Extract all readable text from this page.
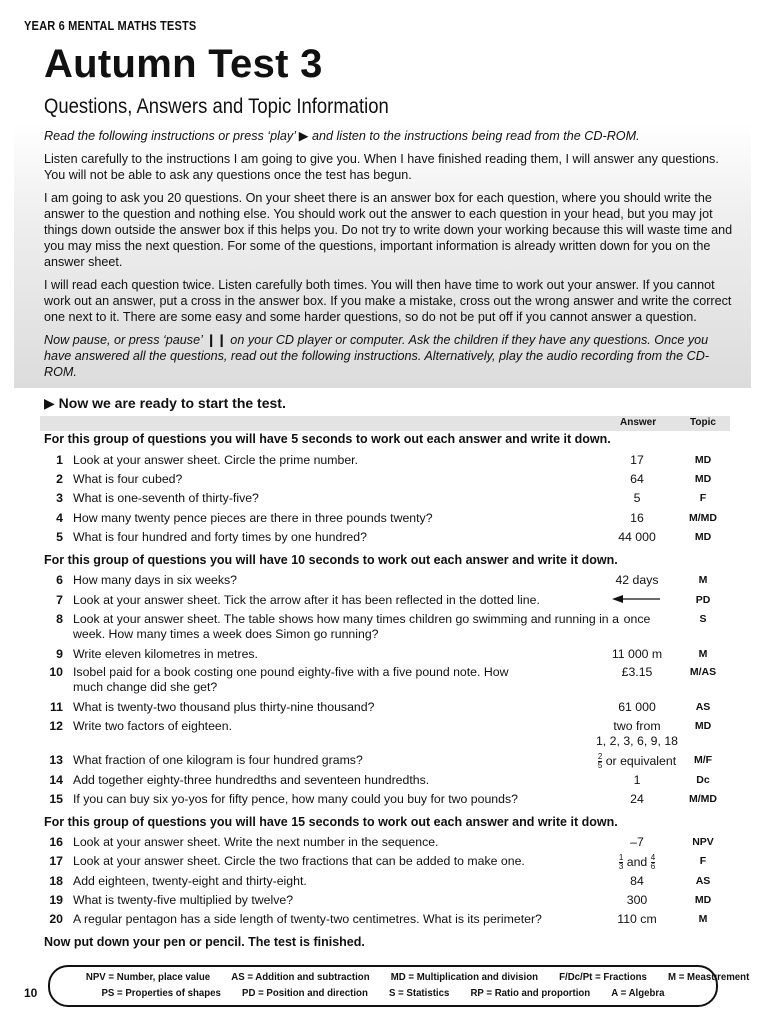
YEAR 6 MENTAL MATHS TESTS
Autumn Test 3
Questions, Answers and Topic Information

Read the following instructions or press ‘play’ ▶ and listen to the instructions being read from the CD-ROM.

Listen carefully to the instructions I am going to give you. When I have finished reading them, I will answer any questions. You will not be able to ask any questions once the test has begun.

I am going to ask you 20 questions. On your sheet there is an answer box for each question, where you should write the answer to the question and nothing else. You should work out the answer to each question in your head, but you may jot things down outside the answer box if this helps you. Do not try to write down your working because this will waste time and you may miss the next question. For some of the questions, important information is already written down for you on the answer sheet.

I will read each question twice. Listen carefully both times. You will then have time to work out your answer. If you cannot work out an answer, put a cross in the answer box. If you make a mistake, cross out the wrong answer and write the correct one next to it. There are some easy and some harder questions, so do not be put off if you cannot answer a question.

Now pause, or press ‘pause’ ❙❙ on your CD player or computer. Ask the children if they have any questions. Once you have answered all the questions, read out the following instructions. Alternatively, play the audio recording from the CD-ROM.

▶ Now we are ready to start the test.
Answer	Topic
For this group of questions you will have 5 seconds to work out each answer and write it down.
1 Look at your answer sheet. Circle the prime number.	17	MD
2 What is four cubed?	64	MD
3 What is one-seventh of thirty-five?	5	F
4 How many twenty pence pieces are there in three pounds twenty?	16	M/MD
5 What is four hundred and forty times by one hundred?	44 000	MD
For this group of questions you will have 10 seconds to work out each answer and write it down.
6 How many days in six weeks?	42 days	M
7 Look at your answer sheet. Tick the arrow after it has been reflected in the dotted line.	PD
8 Look at your answer sheet. The table shows how many times children go swimming and running in a week. How many times a week does Simon go running?
once	S
9 Write eleven kilometres in metres.	11 000 m	M
10 Isobel paid for a book costing one pound eighty-five with a five pound note. How much change did she get?
£3.15	M/AS
11 What is twenty-two thousand plus thirty-nine thousand?	61 000	AS
12 Write two factors of eighteen.	two from
1, 2, 3, 6, 9, 18
MD
13 What fraction of one kilogram is four hundred grams?	$\frac{2}{5}$ or equivalent	M/F
14 Add together eighty-three hundredths and seventeen hundredths.	1	Dc
15 If you can buy six yo-yos for fifty pence, how many could you buy for two pounds?	24	M/MD
For this group of questions you will have 15 seconds to work out each answer and write it down.
16 Look at your answer sheet. Write the next number in the sequence.	–7	NPV
17 Look at your answer sheet. Circle the two fractions that can be added to make one.	$\frac{1}{3}$ and $\frac{4}{6}$	F
18 Add eighteen, twenty-eight and thirty-eight.	84	AS
19 What is twenty-five multiplied by twelve?	300	MD
20 A regular pentagon has a side length of twenty-two centimetres. What is its perimeter?	110 cm	M
Now put down your pen or pencil. The test is finished.
NPV = Number, place value AS = Addition and subtraction MD = Multiplication and division F/Dc/Pt = Fractions M = Measurement
PS = Properties of shapes PD = Position and direction S = Statistics RP = Ratio and proportion A = Algebra
10
